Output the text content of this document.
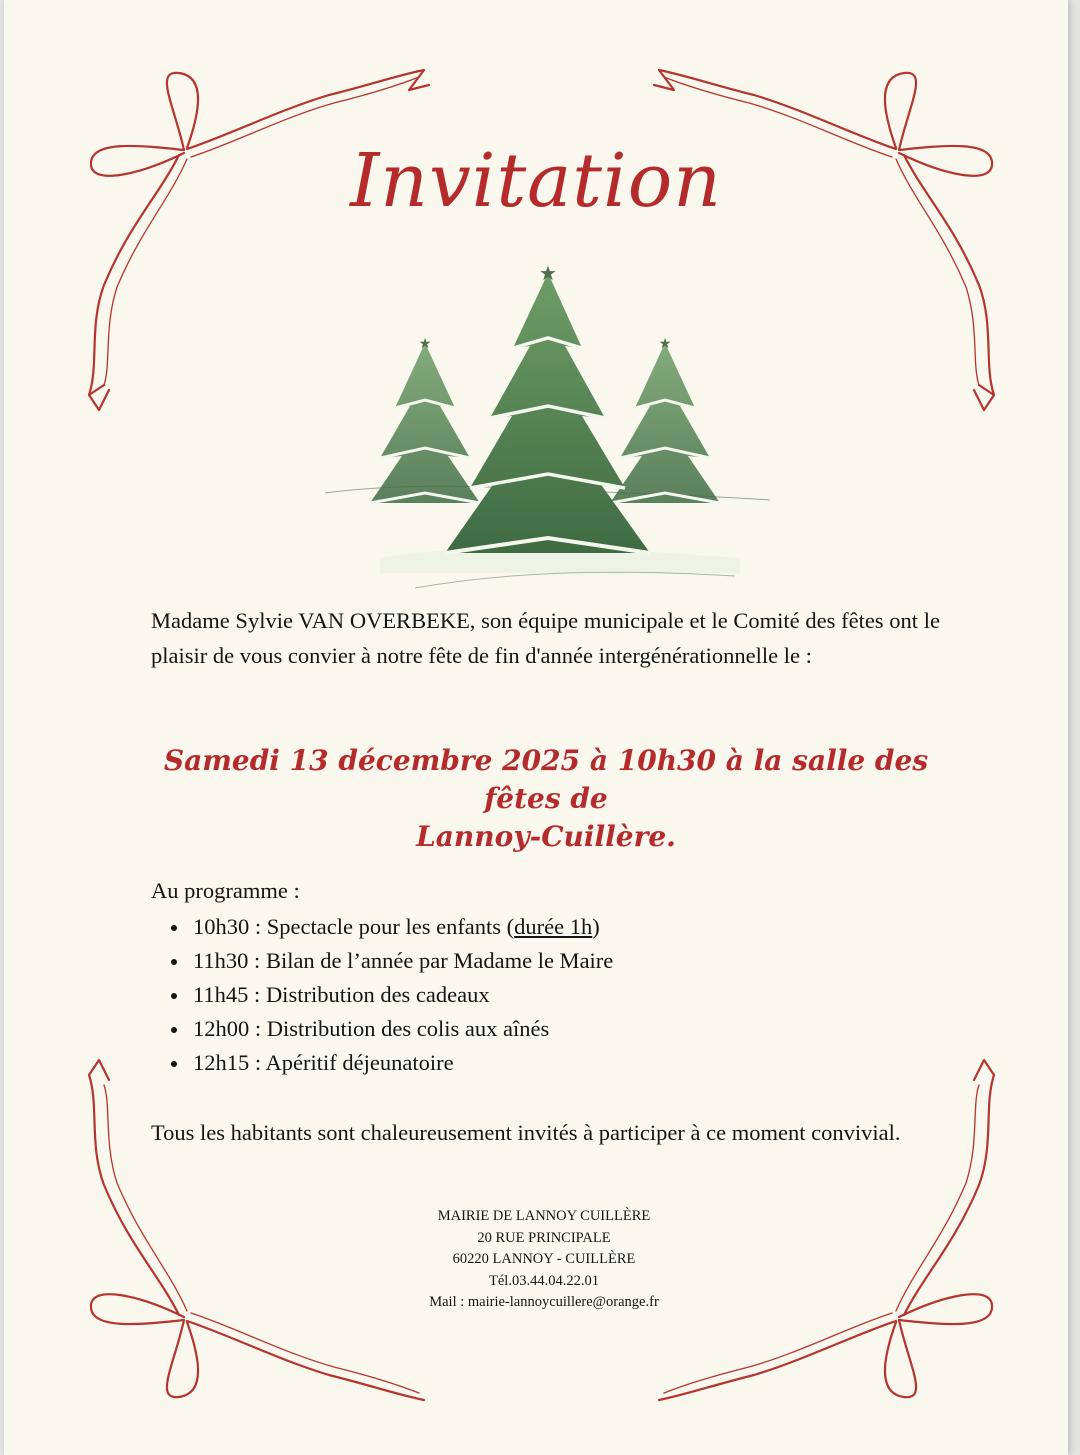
Invitation
★	★
★
Madame Sylvie VAN OVERBEKE, son équipe municipale et le Comité des fêtes ont le plaisir de vous convier à notre fête de fin d'année intergénérationnelle le :
Samedi 13 décembre 2025 à 10h30 à la salle des fêtes de
Lannoy-Cuillère.
Au programme :
10h30 : Spectacle pour les enfants (durée 1h)
11h30 : Bilan de l’année par Madame le Maire
11h45 : Distribution des cadeaux
12h00 : Distribution des colis aux aînés
12h15 : Apéritif déjeunatoire
Tous les habitants sont chaleureusement invités à participer à ce moment convivial.
MAIRIE DE LANNOY CUILLÈRE
20 RUE PRINCIPALE
60220 LANNOY - CUILLÈRE
Tél.03.44.04.22.01
Mail : mairie-lannoycuillere@orange.fr
